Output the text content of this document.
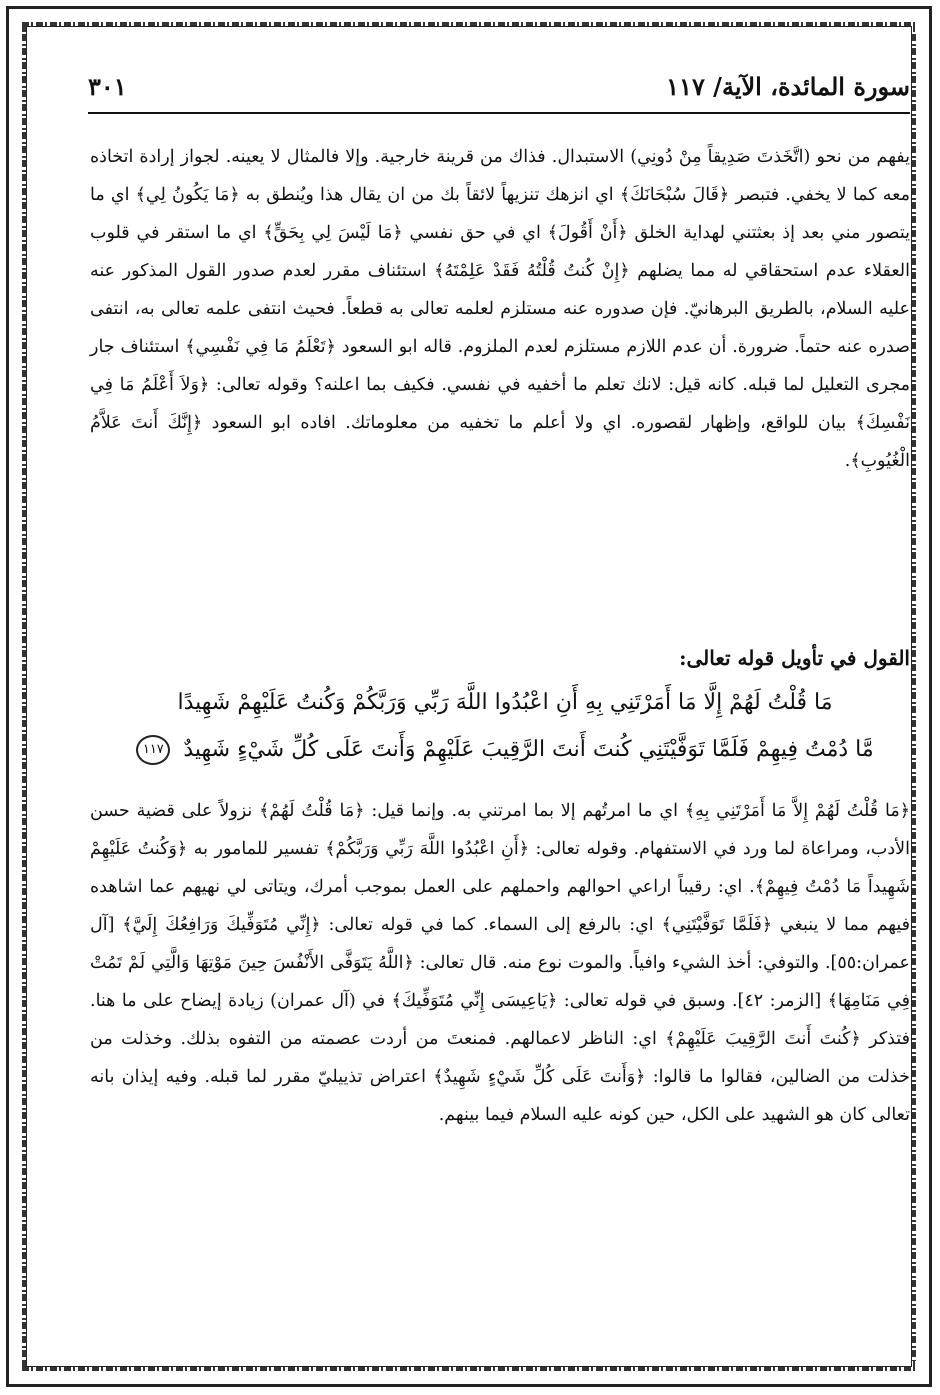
سورة المائدة، الآية/ ١١٧
٣٠١

يفهم من نحو (اتَّخَذتَ صَدِيقاً مِنْ دُونِي) الاستبدال. فذاك من قرينة خارجية. وإلا فالمثال لا يعينه. لجواز إرادة اتخاذه معه كما لا يخفي. فتبصر ﴿قَالَ سُبْحَانَكَ﴾ اي انزهك تنزيهاً لائقاً بك من ان يقال هذا ويُنطق به ﴿مَا يَكُونُ لِي﴾ اي ما يتصور مني بعد إذ بعثتني لهداية الخلق ﴿أَنْ أَقُولَ﴾ اي في حق نفسي ﴿مَا لَيْسَ لِي بِحَقٍّ﴾ اي ما استقر في قلوب العقلاء عدم استحقاقي له مما يضلهم ﴿إِنْ كُنتُ قُلْتُهُ فَقَدْ عَلِمْتَهُ﴾ استئناف مقرر لعدم صدور القول المذكور عنه عليه السلام، بالطريق البرهانيّ. فإن صدوره عنه مستلزم لعلمه تعالى به قطعاً. فحيث انتفى علمه تعالى به، انتفى صدره عنه حتماً. ضرورة. أن عدم اللازم مستلزم لعدم الملزوم. قاله ابو السعود ﴿تَعْلَمُ مَا فِي نَفْسِي﴾ استئناف جار مجرى التعليل لما قبله. كانه قيل: لانك تعلم ما أخفيه في نفسي. فكيف بما اعلنه؟ وقوله تعالى: ﴿وَلاَ أَعْلَمُ مَا فِي نَفْسِكَ﴾ بيان للواقع، وإظهار لقصوره. اي ولا أعلم ما تخفيه من معلوماتك. افاده ابو السعود ﴿إِنَّكَ أَنتَ عَلاَّمُ الْغُيُوبِ﴾.

القول في تأويل قوله تعالى:
مَا قُلْتُ لَهُمْ إِلَّا مَا أَمَرْتَنِي بِهِ أَنِ اعْبُدُوا اللَّهَ رَبِّي وَرَبَّكُمْ وَكُنتُ عَلَيْهِمْ شَهِيدًا
مَّا دُمْتُ فِيهِمْ فَلَمَّا تَوَفَّيْتَنِي كُنتَ أَنتَ الرَّقِيبَ عَلَيْهِمْ وَأَنتَ عَلَى كُلِّ شَيْءٍ شَهِيدٌ ١١٧

﴿مَا قُلْتُ لَهُمْ إِلاَّ مَا أَمَرْتَنِي بِهِ﴾ اي ما امرتُهم إلا بما امرتني به. وإنما قيل: ﴿مَا قُلْتُ لَهُمْ﴾ نزولاً على قضية حسن الأدب، ومراعاة لما ورد في الاستفهام. وقوله تعالى: ﴿أَنِ اعْبُدُوا اللَّهَ رَبِّي وَرَبَّكُمْ﴾ تفسير للمامور به ﴿وَكُنتُ عَلَيْهِمْ شَهِيداً مَا دُمْتُ فِيهِمْ﴾. اي: رقيباً اراعي احوالهم واحملهم على العمل بموجب أمرك، ويتاتى لي نهيهم عما اشاهده فيهم مما لا ينبغي ﴿فَلَمَّا تَوَفَّيْتَنِي﴾ اي: بالرفع إلى السماء. كما في قوله تعالى: ﴿إِنِّي مُتَوَفِّيكَ وَرَافِعُكَ إِلَيَّ﴾ [آل عمران:٥٥]. والتوفي: أخذ الشيء وافياً. والموت نوع منه. قال تعالى: ﴿اللَّهُ يَتَوَفَّى الأَنْفُسَ حِينَ مَوْتِهَا وَالَّتِي لَمْ تَمُتْ فِي مَنَامِهَا﴾ [الزمر: ٤٢]. وسبق في قوله تعالى: ﴿يَاعِيسَى إِنِّي مُتَوَفِّيكَ﴾ في (آل عمران) زيادة إيضاح على ما هنا. فتذكر ﴿كُنتَ أَنتَ الرَّقِيبَ عَلَيْهِمْ﴾ اي: الناظر لاعمالهم. فمنعتَ من أردت عصمته من التفوه بذلك. وخذلت من خذلت من الضالين، فقالوا ما قالوا: ﴿وَأَنتَ عَلَى كُلِّ شَيْءٍ شَهِيدٌ﴾ اعتراض تذييليّ مقرر لما قبله. وفيه إيذان بانه تعالى كان هو الشهيد على الكل، حين كونه عليه السلام فيما بينهم.
